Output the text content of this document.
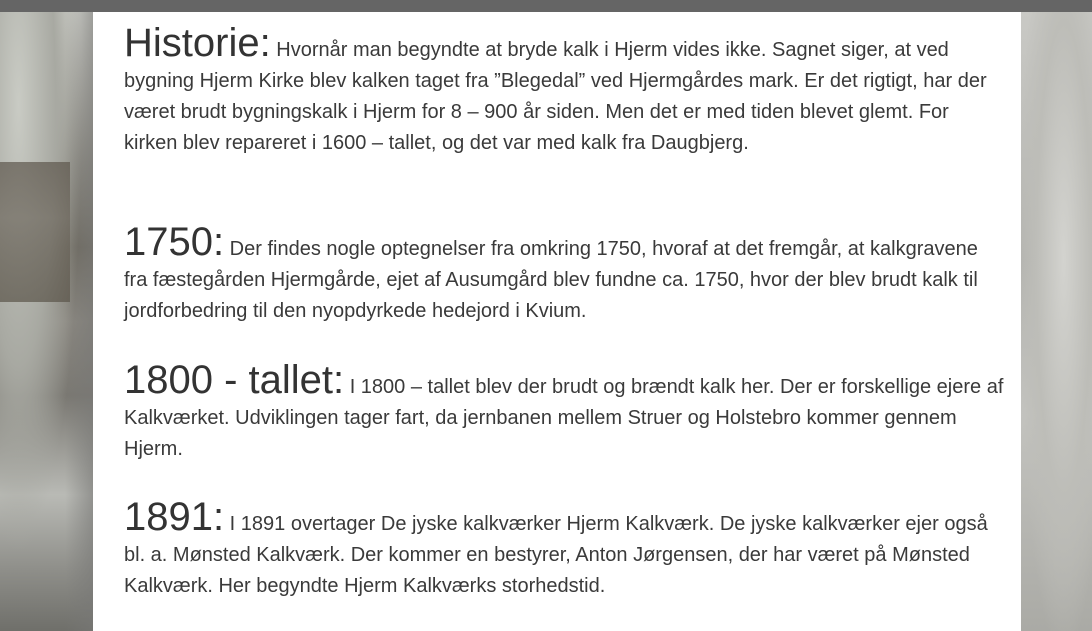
Historie: Hvornår man begyndte at bryde kalk i Hjerm vides ikke. Sagnet siger, at ved bygning Hjerm Kirke blev kalken taget fra ”Blegedal” ved Hjermgårdes mark. Er det rigtigt, har der været brudt bygningskalk i Hjerm for 8 – 900 år siden. Men det er med tiden blevet glemt. For kirken blev repareret i 1600 – tallet, og det var med kalk fra Daugbjerg.

1750: Der findes nogle optegnelser fra omkring 1750, hvoraf at det fremgår, at kalkgravene fra fæstegården Hjermgårde, ejet af Ausumgård blev fundne ca. 1750, hvor der blev brudt kalk til jordforbedring til den nyopdyrkede hedejord i Kvium.

1800 - tallet: I 1800 – tallet blev der brudt og brændt kalk her. Der er forskellige ejere af Kalkværket. Udviklingen tager fart, da jernbanen mellem Struer og Holstebro kommer gennem Hjerm.

1891: I 1891 overtager De jyske kalkværker Hjerm Kalkværk. De jyske kalkværker ejer også bl. a. Mønsted Kalkværk. Der kommer en bestyrer, Anton Jørgensen, der har været på Mønsted Kalkværk. Her begyndte Hjerm Kalkværks storhedstid.
